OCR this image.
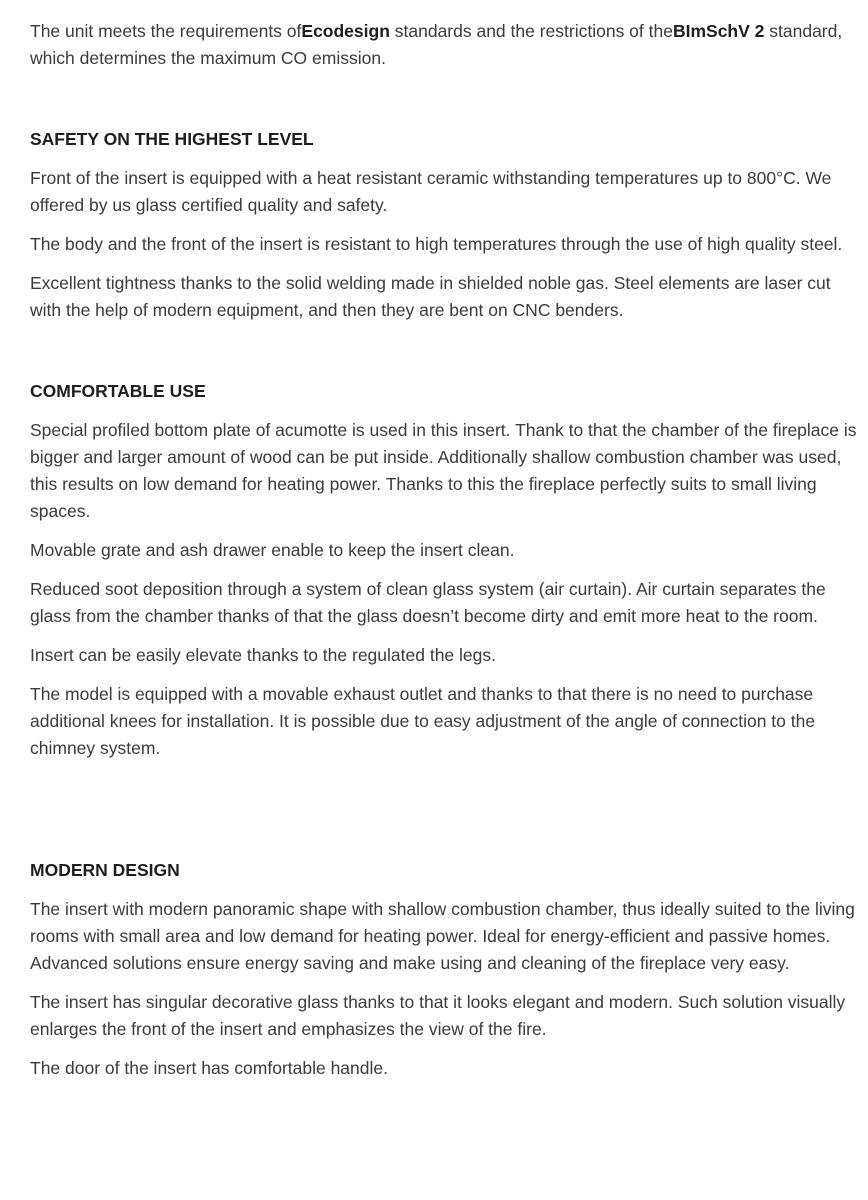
The unit meets the requirements ofEcodesign standards and the restrictions of theBImSchV 2 standard, which determines the maximum CO emission.

SAFETY ON THE HIGHEST LEVEL

Front of the insert is equipped with a heat resistant ceramic withstanding temperatures up to 800°C. We offered by us glass certified quality and safety.

The body and the front of the insert is resistant to high temperatures through the use of high quality steel.

Excellent tightness thanks to the solid welding made in shielded noble gas. Steel elements are laser cut with the help of modern equipment, and then they are bent on CNC benders.

COMFORTABLE USE

Special profiled bottom plate of acumotte is used in this insert. Thank to that the chamber of the fireplace is bigger and larger amount of wood can be put inside. Additionally shallow combustion chamber was used, this results on low demand for heating power. Thanks to this the fireplace perfectly suits to small living spaces.

Movable grate and ash drawer enable to keep the insert clean.

Reduced soot deposition through a system of clean glass system (air curtain). Air curtain separates the glass from the chamber thanks of that the glass doesn’t become dirty and emit more heat to the room.

Insert can be easily elevate thanks to the regulated the legs.

The model is equipped with a movable exhaust outlet and thanks to that there is no need to purchase additional knees for installation. It is possible due to easy adjustment of the angle of connection to the chimney system.

MODERN DESIGN

The insert with modern panoramic shape with shallow combustion chamber, thus ideally suited to the living rooms with small area and low demand for heating power. Ideal for energy-efficient and passive homes. Advanced solutions ensure energy saving and make using and cleaning of the fireplace very easy.

The insert has singular decorative glass thanks to that it looks elegant and modern. Such solution visually enlarges the front of the insert and emphasizes the view of the fire.

The door of the insert has comfortable handle.
